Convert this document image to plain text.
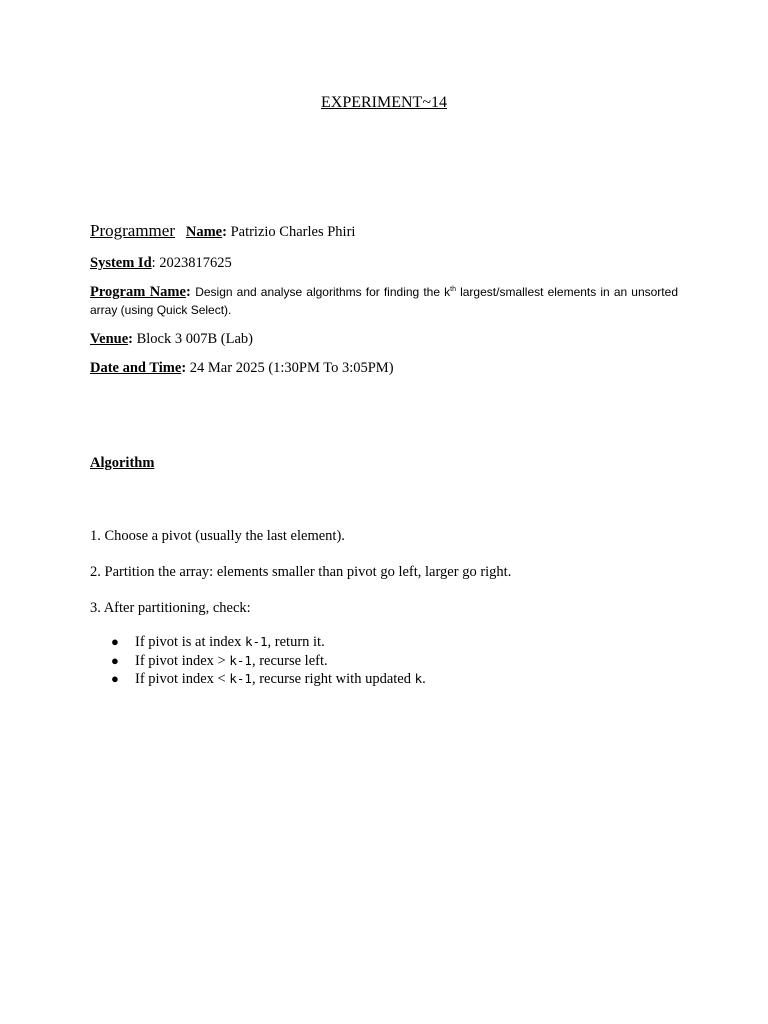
EXPERIMENT~14
Programmer Name: Patrizio Charles Phiri
System Id: 2023817625
Program Name: Design and analyse algorithms for finding the $k^{th}$ largest/smallest elements in an unsorted array (using Quick Select).
Venue: Block 3 007B (Lab)
Date and Time: 24 Mar 2025 (1:30PM To 3:05PM)
Algorithm
1. Choose a pivot (usually the last element).
2. Partition the array: elements smaller than pivot go left, larger go right.
3. After partitioning, check:
● If pivot is at index k-1, return it.
● If pivot index > k-1, recurse left.
● If pivot index < k-1, recurse right with updated k.
